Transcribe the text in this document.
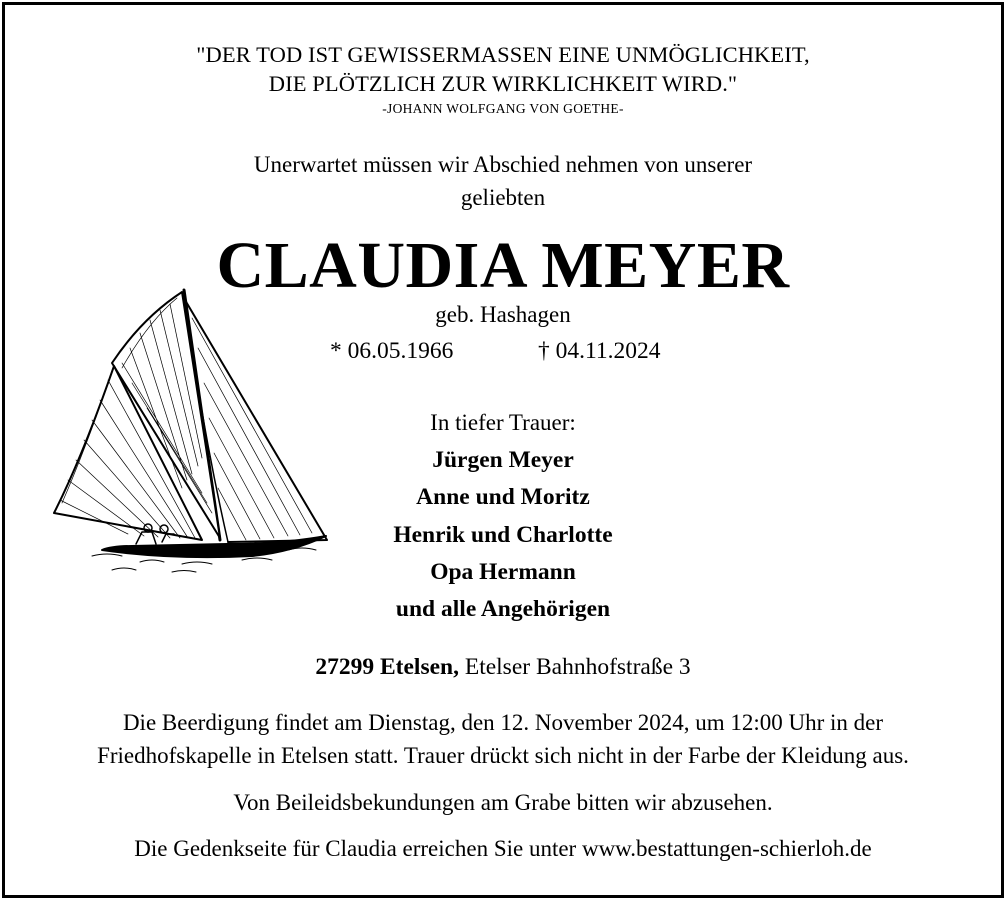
"DER TOD IST GEWISSERMASSEN EINE UNMÖGLICHKEIT,
DIE PLÖTZLICH ZUR WIRKLICHKEIT WIRD."
-JOHANN WOLFGANG VON GOETHE-
Unerwartet müssen wir Abschied nehmen von unserer
geliebten
CLAUDIA MEYER
geb. Hashagen
* 06.05.1966	† 04.11.2024
In tiefer Trauer:
Jürgen Meyer
Anne und Moritz
Henrik und Charlotte
Opa Hermann
und alle Angehörigen
27299 Etelsen, Etelser Bahnhofstraße 3
Die Beerdigung findet am Dienstag, den 12. November 2024, um 12:00 Uhr in der
Friedhofskapelle in Etelsen statt. Trauer drückt sich nicht in der Farbe der Kleidung aus.
Von Beileidsbekundungen am Grabe bitten wir abzusehen.
Die Gedenkseite für Claudia erreichen Sie unter www.bestattungen-schierloh.de
